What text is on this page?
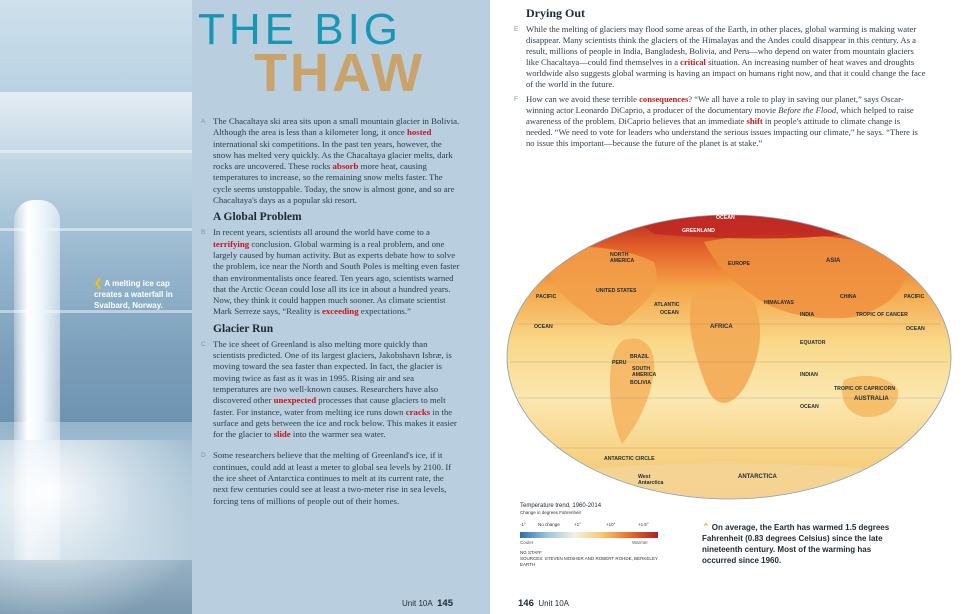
❮ A melting ice cap creates a waterfall in Svalbard, Norway.
THE BIG
THAW

A The Chacaltaya ski area sits upon a small mountain glacier in Bolivia. Although the area is less than a kilometer long, it once hosted international ski competitions. In the past ten years, however, the snow has melted very quickly. As the Chacaltaya glacier melts, dark rocks are uncovered. These rocks absorb more heat, causing temperatures to increase, so the remaining snow melts faster. The cycle seems unstoppable. Today, the snow is almost gone, and so are Chacaltaya's days as a popular ski resort.

A Global Problem

B In recent years, scientists all around the world have come to a terrifying conclusion. Global warming is a real problem, and one largely caused by human activity. But as experts debate how to solve the problem, ice near the North and South Poles is melting even faster than environmentalists once feared. Ten years ago, scientists warned that the Arctic Ocean could lose all its ice in about a hundred years. Now, they think it could happen much sooner. As climate scientist Mark Serreze says, “Reality is exceeding expectations.”

Glacier Run

C The ice sheet of Greenland is also melting more quickly than scientists predicted. One of its largest glaciers, Jakobshavn Isbræ, is moving toward the sea faster than expected. In fact, the glacier is moving twice as fast as it was in 1995. Rising air and sea temperatures are two well-known causes. Researchers have also discovered other unexpected processes that cause glaciers to melt faster. For instance, water from melting ice runs down cracks in the surface and gets between the ice and rock below. This makes it easier for the glacier to slide into the warmer sea water.

D Some researchers believe that the melting of Greenland's ice, if it continues, could add at least a meter to global sea levels by 2100. If the ice sheet of Antarctica continues to melt at its current rate, the next few centuries could see at least a two-meter rise in sea levels, forcing tens of millions of people out of their homes.

Unit 10A 145
Drying Out

E While the melting of glaciers may flood some areas of the Earth, in other places, global warming is making water disappear. Many scientists think the glaciers of the Himalayas and the Andes could disappear in this century. As a result, millions of people in India, Bangladesh, Bolivia, and Peru—who depend on water from mountain glaciers like Chacaltaya—could find themselves in a critical situation. An increasing number of heat waves and droughts worldwide also suggests global warming is having an impact on humans right now, and that it could change the face of the world in the future.

F How can we avoid these terrible consequences? “We all have a role to play in saving our planet,” says Oscar-winning actor Leonardo DiCaprio, a producer of the documentary movie Before the Flood, which helped to raise awareness of the problem. DiCaprio believes that an immediate shift in people's attitude to climate change is needed. “We need to vote for leaders who understand the serious issues impacting our climate,” he says. “There is no issue this important—because the future of the planet is at stake.”

ARCTIC	OCEAN
GREENLAND
NORTH AMERICA	EUROPE	ASIA
UNITED STATES
PACIFIC	PACIFIC
ATLANTIC
CHINA
HIMALAYAS
INDIA	TROPIC OF CANCER
AFRICA
OCEAN
OCEAN
OCEAN
EQUATOR
BRAZIL
PERU
SOUTH AMERICA
BOLIVIA
INDIAN
OCEAN
TROPIC OF CAPRICORN
AUSTRALIA
ANTARCTIC CIRCLE
West Antarctica
ANTARCTICA
Temperature trend, 1960-2014
Change in degrees Fahrenheit
-1°	No change	+1°	+10°	+1.5°
Cooler	Warmer
NG STAFF
SOURCES: STEVEN MOSHER AND ROBERT ROHDE, BERKELEY EARTH
⌃ On average, the Earth has warmed 1.5 degrees Fahrenheit (0.83 degrees Celsius) since the late nineteenth century. Most of the warming has occurred since 1960.
146 Unit 10A
